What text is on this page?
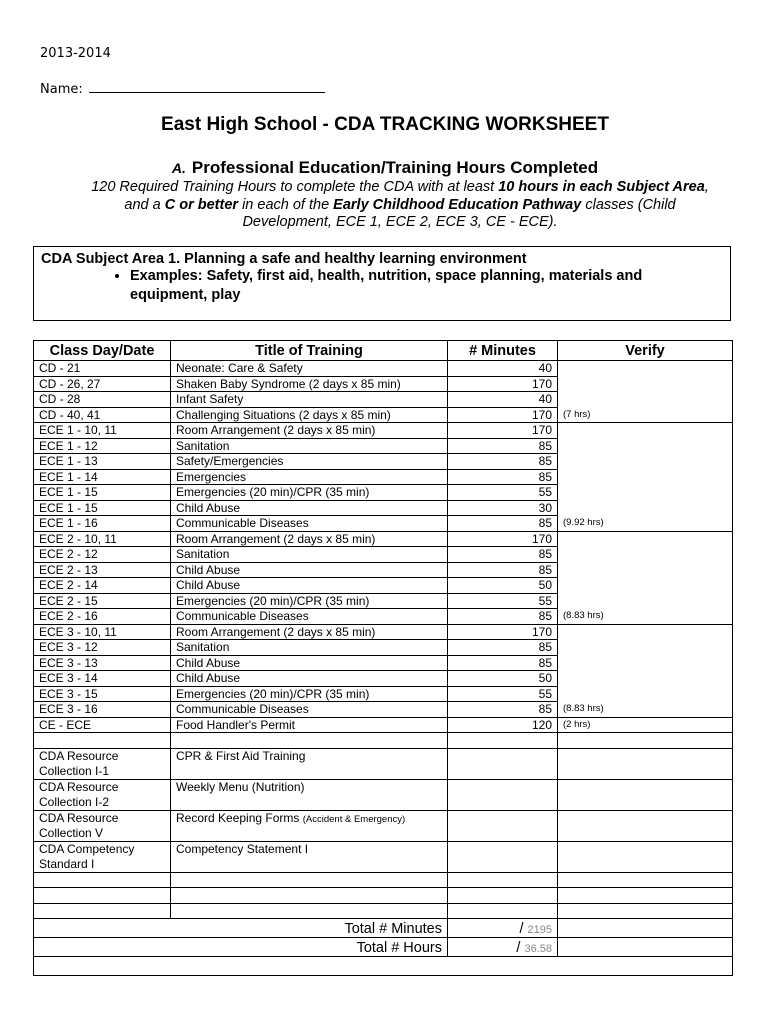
2013-2014
Name:
East High School - CDA TRACKING WORKSHEET
A. Professional Education/Training Hours Completed
120 Required Training Hours to complete the CDA with at least 10 hours in each Subject Area, and a C or better in each of the Early Childhood Education Pathway classes (Child Development, ECE 1, ECE 2, ECE 3, CE - ECE).
CDA Subject Area 1. Planning a safe and healthy learning environment
• Examples: Safety, first aid, health, nutrition, space planning, materials and equipment, play
Class Day/Date	Title of Training	# Minutes	Verify
CD - 21	Neonate: Care & Safety	40	(7 hrs)
CD - 26, 27	Shaken Baby Syndrome (2 days x 85 min)	170	
CD - 28	Infant Safety	40	
CD - 40, 41	Challenging Situations (2 days x 85 min)	170	
ECE 1 - 10, 11	Room Arrangement (2 days x 85 min)	170	(9.92 hrs)
ECE 1 - 12	Sanitation	85	
ECE 1 - 13	Safety/Emergencies	85	
ECE 1 - 14	Emergencies	85	
ECE 1 - 15	Emergencies (20 min)/CPR (35 min)	55	
ECE 1 - 15	Child Abuse	30	
ECE 1 - 16	Communicable Diseases	85	
ECE 2 - 10, 11	Room Arrangement (2 days x 85 min)	170	(8.83 hrs)
ECE 2 - 12	Sanitation	85	
ECE 2 - 13	Child Abuse	85	
ECE 2 - 14	Child Abuse	50	
ECE 2 - 15	Emergencies (20 min)/CPR (35 min)	55	
ECE 2 - 16	Communicable Diseases	85	
ECE 3 - 10, 11	Room Arrangement (2 days x 85 min)	170	(8.83 hrs)
ECE 3 - 12	Sanitation	85	
ECE 3 - 13	Child Abuse	85	
ECE 3 - 14	Child Abuse	50	
ECE 3 - 15	Emergencies (20 min)/CPR (35 min)	55	
ECE 3 - 16	Communicable Diseases	85	
CE - ECE	Food Handler's Permit	120	(2 hrs)

CDA Resource Collection I-1	CPR & First Aid Training		
CDA Resource Collection I-2	Weekly Menu (Nutrition)		
CDA Resource Collection V	Record Keeping Forms (Accident & Emergency)		
CDA Competency Standard I	Competency Statement I		

Total # Minutes		/ 2195	
Total # Hours		/ 36.58	
